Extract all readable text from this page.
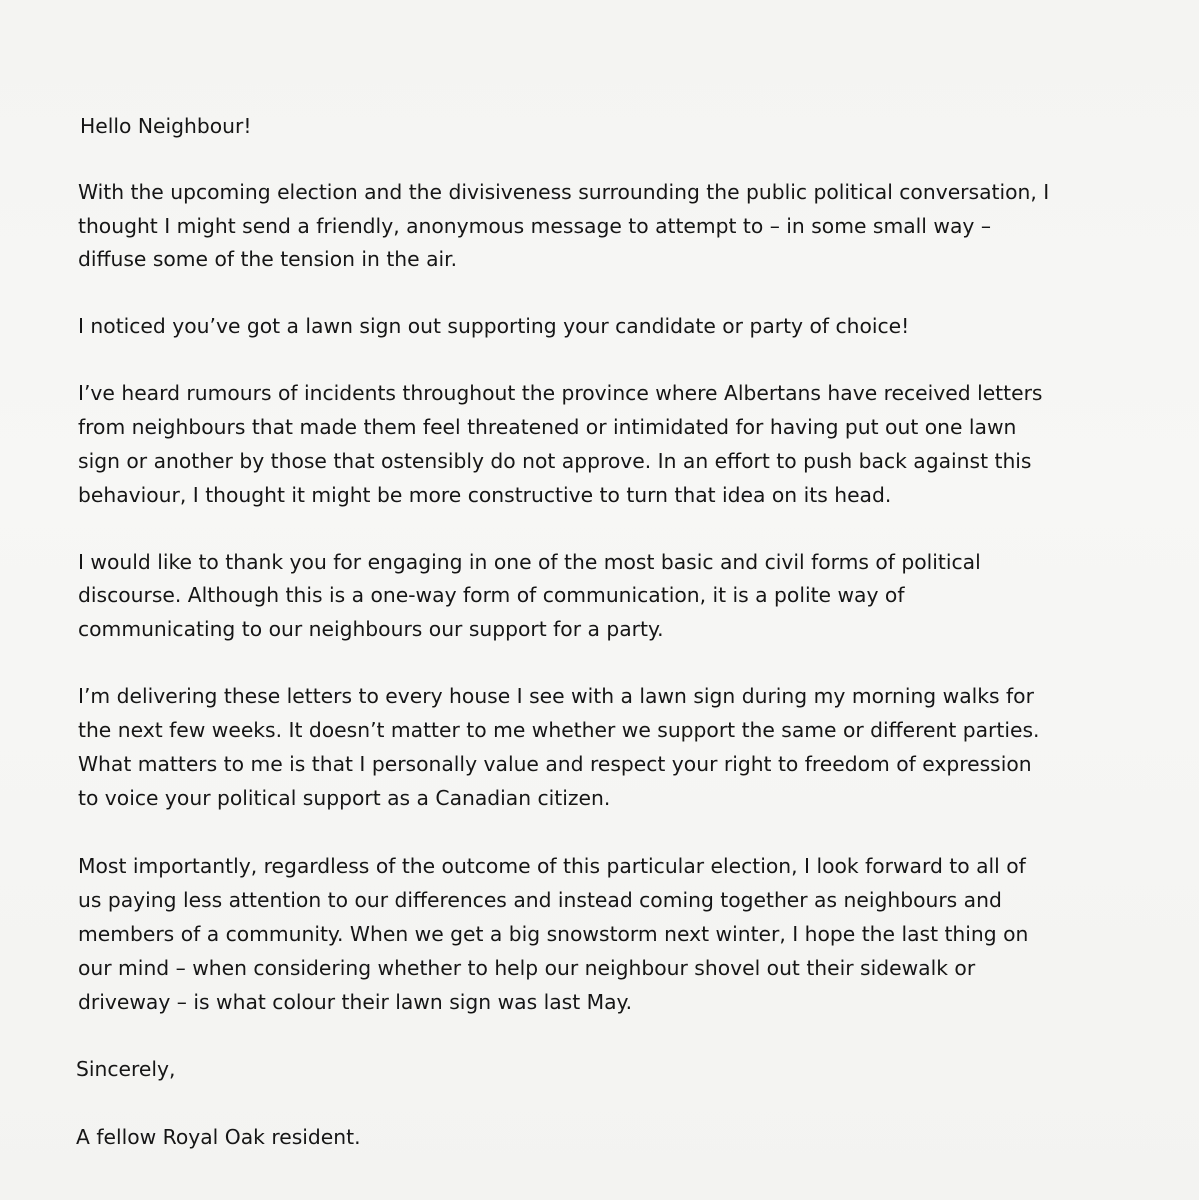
Hello Neighbour!

With the upcoming election and the divisiveness surrounding the public political conversation, I

thought I might send a friendly, anonymous message to attempt to – in some small way –

diffuse some of the tension in the air.

I noticed you’ve got a lawn sign out supporting your candidate or party of choice!

I’ve heard rumours of incidents throughout the province where Albertans have received letters

from neighbours that made them feel threatened or intimidated for having put out one lawn

sign or another by those that ostensibly do not approve. In an effort to push back against this

behaviour, I thought it might be more constructive to turn that idea on its head.

I would like to thank you for engaging in one of the most basic and civil forms of political

discourse. Although this is a one-way form of communication, it is a polite way of

communicating to our neighbours our support for a party.

I’m delivering these letters to every house I see with a lawn sign during my morning walks for

the next few weeks. It doesn’t matter to me whether we support the same or different parties.

What matters to me is that I personally value and respect your right to freedom of expression

to voice your political support as a Canadian citizen.

Most importantly, regardless of the outcome of this particular election, I look forward to all of

us paying less attention to our differences and instead coming together as neighbours and

members of a community. When we get a big snowstorm next winter, I hope the last thing on

our mind – when considering whether to help our neighbour shovel out their sidewalk or

driveway – is what colour their lawn sign was last May.

Sincerely,

A fellow Royal Oak resident.
